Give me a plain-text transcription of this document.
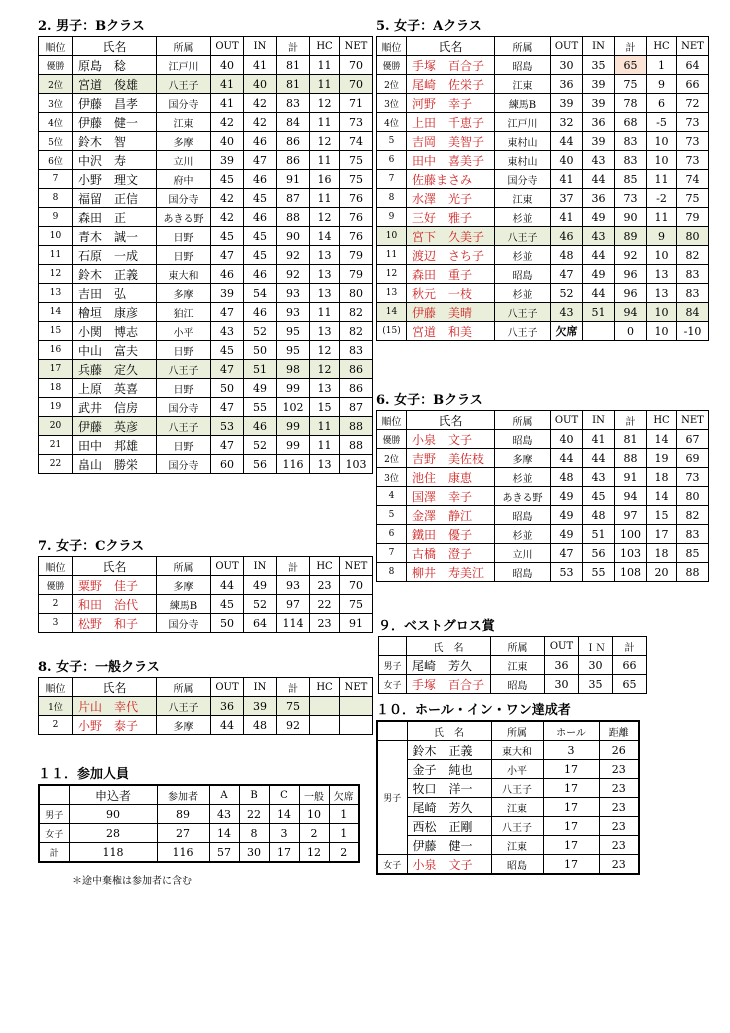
2. 男子：Bクラス
順位	氏名	所属	OUT	IN	計	HC	NET
優勝	原島　稔	江戸川	40	41	81	11	70
2位	宮道　俊雄	八王子	41	40	81	11	70
3位	伊藤　昌孝	国分寺	41	42	83	12	71
4位	伊藤　健一	江東	42	42	84	11	73
5位	鈴木　智	多摩	40	46	86	12	74
6位	中沢　寿	立川	39	47	86	11	75
7	小野　理文	府中	45	46	91	16	75
8	福留　正信	国分寺	42	45	87	11	76
9	森田　正	あきる野	42	46	88	12	76
10	青木　誠一	日野	45	45	90	14	76
11	石原　一成	日野	47	45	92	13	79
12	鈴木　正義	東大和	46	46	92	13	79
13	吉田　弘	多摩	39	54	93	13	80
14	檜垣　康彦	狛江	47	46	93	11	82
15	小関　博志	小平	43	52	95	13	82
16	中山　富夫	日野	45	50	95	12	83
17	兵藤　定久	八王子	47	51	98	12	86
18	上原　英喜	日野	50	49	99	13	86
19	武井　信房	国分寺	47	55	102	15	87
20	伊藤　英彦	八王子	53	46	99	11	88
21	田中　邦雄	日野	47	52	99	11	88
22	畠山　勝栄	国分寺	60	56	116	13	103
5. 女子：Aクラス
順位	氏名	所属	OUT	IN	計	HC	NET
優勝	手塚　百合子	昭島	30	35	65	1	64
2位	尾崎　佐栄子	江東	36	39	75	9	66
3位	河野　幸子	練馬B	39	39	78	6	72
4位	上田　千恵子	江戸川	32	36	68	-5	73
5	吉岡　美智子	東村山	44	39	83	10	73
6	田中　喜美子	東村山	40	43	83	10	73
7	佐藤まさみ	国分寺	41	44	85	11	74
8	水澤　光子	江東	37	36	73	-2	75
9	三好　雅子	杉並	41	49	90	11	79
10	宮下　久美子	八王子	46	43	89	9	80
11	渡辺　さち子	杉並	48	44	92	10	82
12	森田　重子	昭島	47	49	96	13	83
13	秋元　一枝	杉並	52	44	96	13	83
14	伊藤　美晴	八王子	43	51	94	10	84
(15)	宮道　和美	八王子	欠席		0	10	-10
6. 女子：Bクラス
順位	氏名	所属	OUT	IN	計	HC	NET
優勝	小泉　文子	昭島	40	41	81	14	67
2位	吉野　美佐枝	多摩	44	44	88	19	69
3位	池住　康恵	杉並	48	43	91	18	73
4	国澤　幸子	あきる野	49	45	94	14	80
5	金澤　静江	昭島	49	48	97	15	82
6	鐵田　優子	杉並	49	51	100	17	83
7	古橋　澄子	立川	47	56	103	18	85
8	柳井　寿美江	昭島	53	55	108	20	88
7. 女子：Cクラス
順位	氏名	所属	OUT	IN	計	HC	NET
優勝	粟野　佳子	多摩	44	49	93	23	70
2	和田　治代	練馬B	45	52	97	22	75
3	松野　和子	国分寺	50	64	114	23	91
8. 女子：一般クラス
順位	氏名	所属	OUT	IN	計	HC	NET
1位	片山　幸代	八王子	36	39	75		
2	小野　泰子	多摩	44	48	92		
９．ベストグロス賞
	氏　名	所属	OUT	ＩＮ	計
男子	尾崎　芳久	江東	36	30	66
女子	手塚　百合子	昭島	30	35	65
１０．ホール・イン・ワン達成者
	氏　名	所属	ホール	距離
男子	鈴木　正義	東大和	3	26
	金子　純也	小平	17	23
	牧口　洋一	八王子	17	23
	尾崎　芳久	江東	17	23
	西松　正剛	八王子	17	23
	伊藤　健一	江東	17	23
女子	小泉　文子	昭島	17	23
１１．参加人員
	申込者	参加者	A	B	C	一般	欠席
男子	90	89	43	22	14	10	1
女子	28	27	14	8	3	2	1
計	118	116	57	30	17	12	2
＊途中棄権は参加者に含む
